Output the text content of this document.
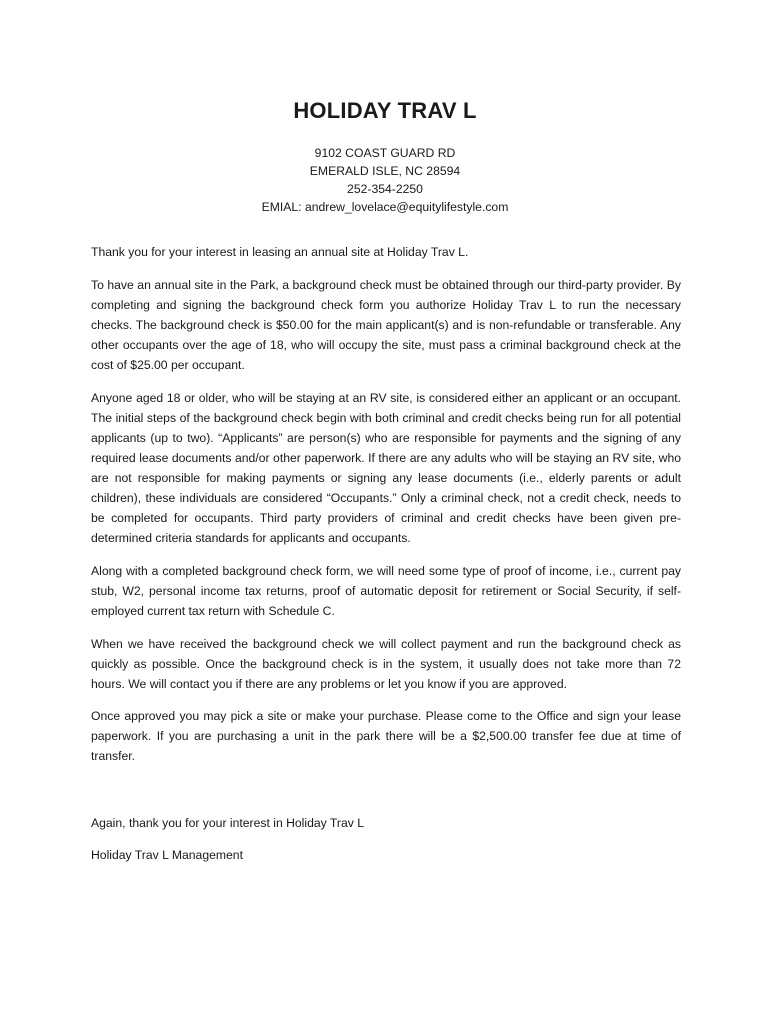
HOLIDAY TRAV L
9102 COAST GUARD RD
EMERALD ISLE, NC 28594
252-354-2250
EMIAL: andrew_lovelace@equitylifestyle.com

Thank you for your interest in leasing an annual site at Holiday Trav L.

To have an annual site in the Park, a background check must be obtained through our third-party provider. By completing and signing the background check form you authorize Holiday Trav L to run the necessary checks. The background check is $50.00 for the main applicant(s) and is non-refundable or transferable. Any other occupants over the age of 18, who will occupy the site, must pass a criminal background check at the cost of $25.00 per occupant.

Anyone aged 18 or older, who will be staying at an RV site, is considered either an applicant or an occupant. The initial steps of the background check begin with both criminal and credit checks being run for all potential applicants (up to two). “Applicants” are person(s) who are responsible for payments and the signing of any required lease documents and/or other paperwork. If there are any adults who will be staying an RV site, who are not responsible for making payments or signing any lease documents (i.e., elderly parents or adult children), these individuals are considered “Occupants.” Only a criminal check, not a credit check, needs to be completed for occupants. Third party providers of criminal and credit checks have been given pre-determined criteria standards for applicants and occupants.

Along with a completed background check form, we will need some type of proof of income, i.e., current pay stub, W2, personal income tax returns, proof of automatic deposit for retirement or Social Security, if self-employed current tax return with Schedule C.

When we have received the background check we will collect payment and run the background check as quickly as possible. Once the background check is in the system, it usually does not take more than 72 hours. We will contact you if there are any problems or let you know if you are approved.

Once approved you may pick a site or make your purchase. Please come to the Office and sign your lease paperwork. If you are purchasing a unit in the park there will be a $2,500.00 transfer fee due at time of transfer.

Again, thank you for your interest in Holiday Trav L

Holiday Trav L Management
